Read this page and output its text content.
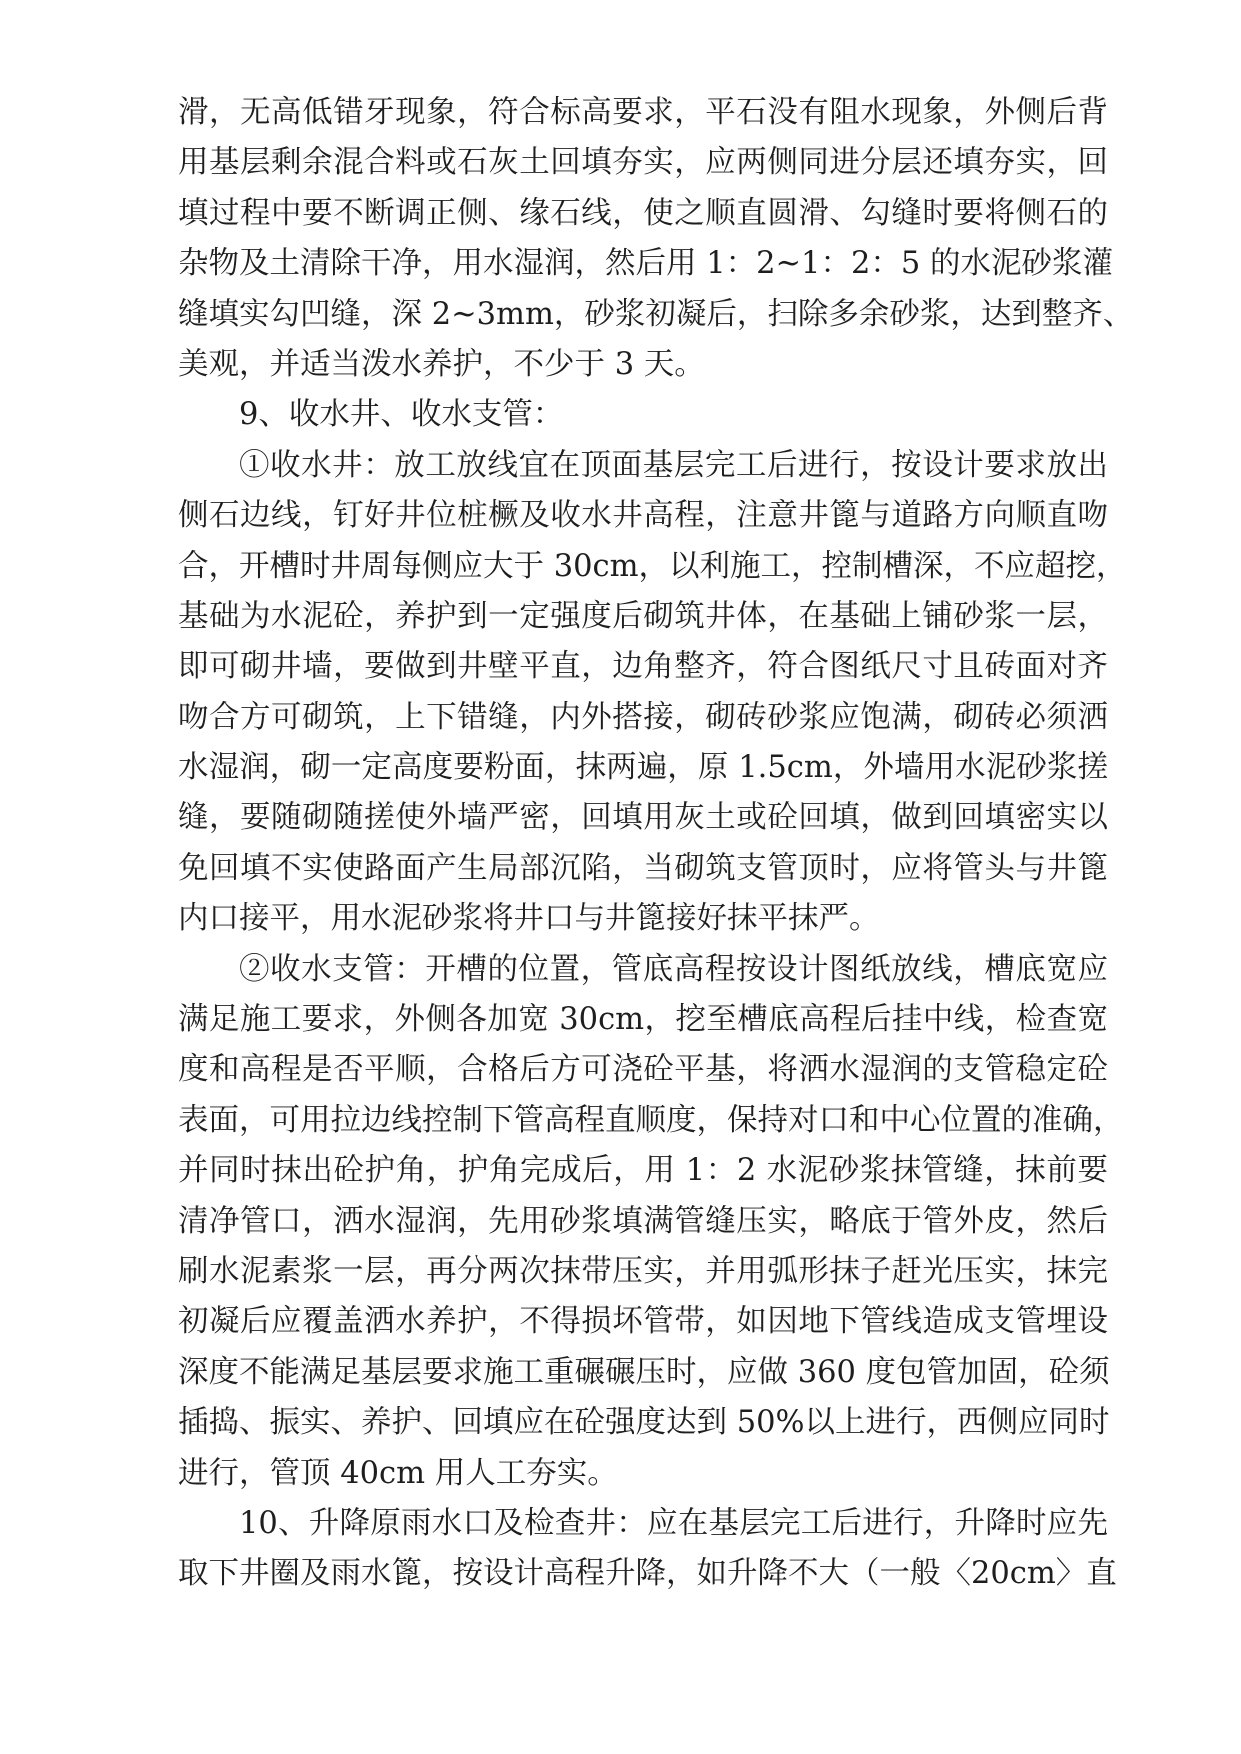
滑，无高低错牙现象，符合标高要求，平石没有阻水现象，外侧后背
用基层剩余混合料或石灰土回填夯实，应两侧同进分层还填夯实，回
填过程中要不断调正侧、缘石线，使之顺直圆滑、勾缝时要将侧石的
杂物及土清除干净，用水湿润，然后用 1：2~1：2：5 的水泥砂浆灌
缝填实勾凹缝，深 2~3mm，砂浆初凝后，扫除多余砂浆，达到整齐、
美观，并适当泼水养护，不少于 3 天。
9、收水井、收水支管：
①收水井：放工放线宜在顶面基层完工后进行，按设计要求放出
侧石边线，钉好井位桩橛及收水井高程，注意井篦与道路方向顺直吻
合，开槽时井周每侧应大于 30cm，以利施工，控制槽深，不应超挖，
基础为水泥砼，养护到一定强度后砌筑井体，在基础上铺砂浆一层，
即可砌井墙，要做到井壁平直，边角整齐，符合图纸尺寸且砖面对齐
吻合方可砌筑，上下错缝，内外搭接，砌砖砂浆应饱满，砌砖必须洒
水湿润，砌一定高度要粉面，抹两遍，原 1.5cm，外墙用水泥砂浆搓
缝，要随砌随搓使外墙严密，回填用灰土或砼回填，做到回填密实以
免回填不实使路面产生局部沉陷，当砌筑支管顶时，应将管头与井篦
内口接平，用水泥砂浆将井口与井篦接好抹平抹严。
②收水支管：开槽的位置，管底高程按设计图纸放线，槽底宽应
满足施工要求，外侧各加宽 30cm，挖至槽底高程后挂中线，检查宽
度和高程是否平顺，合格后方可浇砼平基，将洒水湿润的支管稳定砼
表面，可用拉边线控制下管高程直顺度，保持对口和中心位置的准确，
并同时抹出砼护角，护角完成后，用 1：2 水泥砂浆抹管缝，抹前要
清净管口，洒水湿润，先用砂浆填满管缝压实，略底于管外皮，然后
刷水泥素浆一层，再分两次抹带压实，并用弧形抹子赶光压实，抹完
初凝后应覆盖洒水养护，不得损坏管带，如因地下管线造成支管埋设
深度不能满足基层要求施工重碾碾压时，应做 360 度包管加固，砼须
插捣、振实、养护、回填应在砼强度达到 50%以上进行，西侧应同时
进行，管顶 40cm 用人工夯实。
10、升降原雨水口及检查井：应在基层完工后进行，升降时应先
取下井圈及雨水篦，按设计高程升降，如升降不大（一般〈20cm〉直
